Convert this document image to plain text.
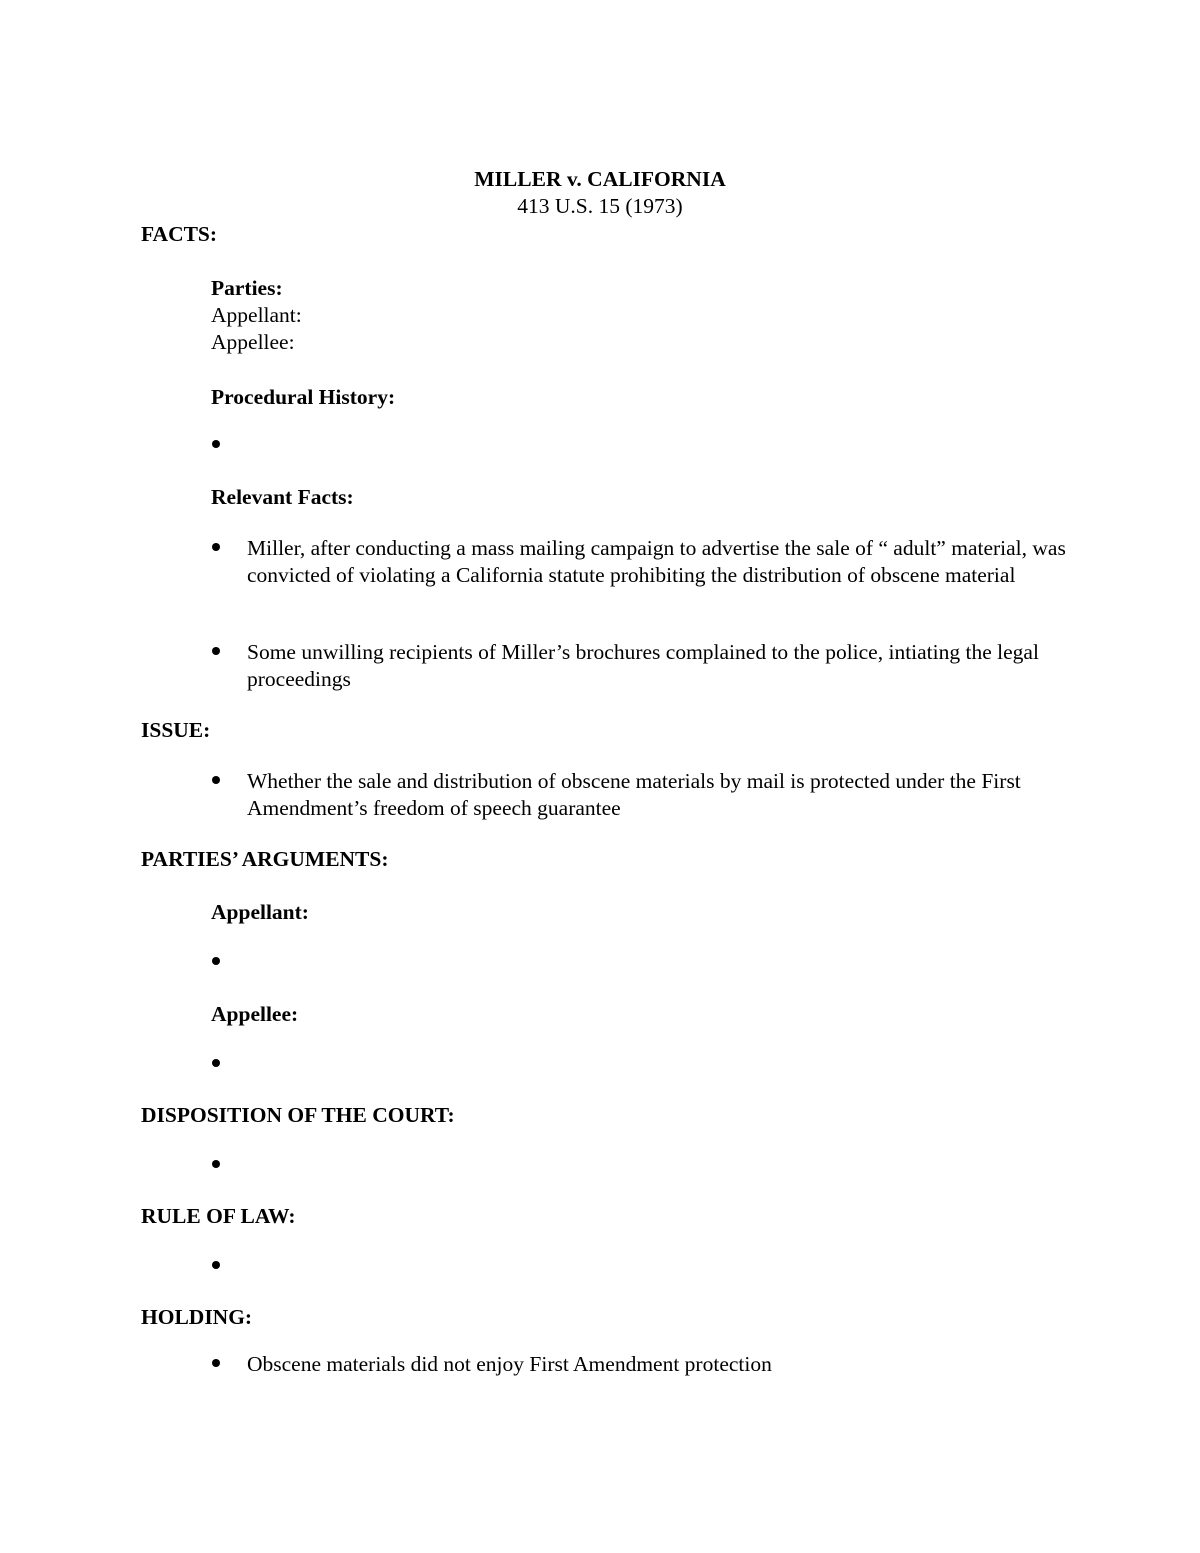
MILLER v. CALIFORNIA
413 U.S. 15 (1973)
FACTS:
Parties:
Appellant:
Appellee:
Procedural History:
Relevant Facts:
Miller, after conducting a mass mailing campaign to advertise the sale of “ adult” material, was convicted of violating a California statute prohibiting the distribution of obscene material
Some unwilling recipients of Miller’s brochures complained to the police, intiating the legal proceedings
ISSUE:
Whether the sale and distribution of obscene materials by mail is protected under the First Amendment’s freedom of speech guarantee
PARTIES’ ARGUMENTS:
Appellant:
Appellee:
DISPOSITION OF THE COURT:
RULE OF LAW:
HOLDING:
Obscene materials did not enjoy First Amendment protection
